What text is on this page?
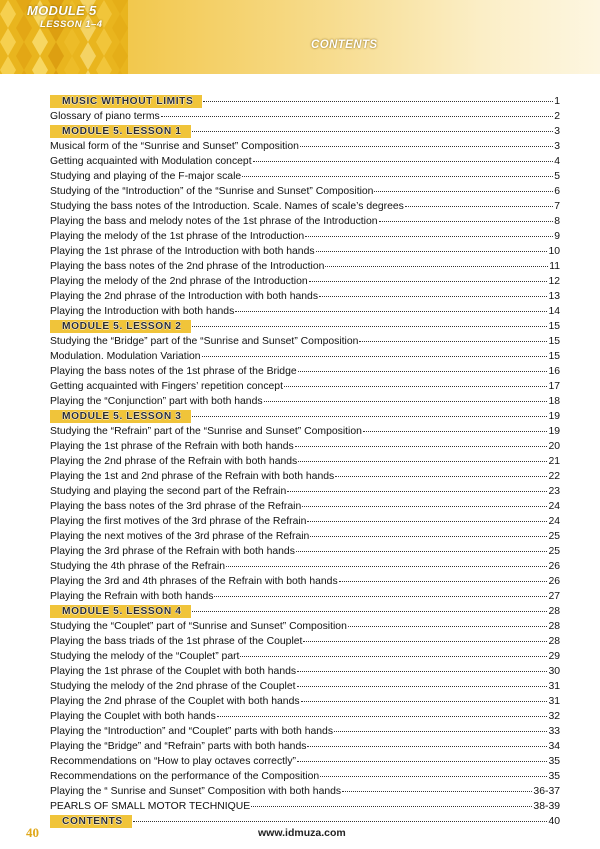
MODULE 5
LESSON 1–4
CONTENTS
MUSIC WITHOUT LIMITS	1
Glossary of piano terms	2
MODULE 5. LESSON 1	3
Musical form of the “Sunrise and Sunset” Composition	3
Getting acquainted with Modulation concept	4
Studying and playing of the F-major scale	5
Studying of the “Introduction” of the “Sunrise and Sunset” Composition	6
Studying the bass notes of the Introduction. Scale. Names of scale’s degrees	7
Playing the bass and melody notes of the 1st phrase of the Introduction	8
Playing the melody of the 1st phrase of the Introduction	9
Playing the 1st phrase of the Introduction with both hands	10
Playing the bass notes of the 2nd phrase of the Introduction	11
Playing the melody of the 2nd phrase of the Introduction	12
Playing the 2nd phrase of the Introduction with both hands	13
Playing the Introduction with both hands	14
MODULE 5. LESSON 2	15
Studying the “Bridge” part of the “Sunrise and Sunset” Composition	15
Modulation. Modulation Variation	15
Playing the bass notes of the 1st phrase of the Bridge	16
Getting acquainted with Fingers’ repetition concept	17
Playing the “Conjunction” part with both hands	18
MODULE 5. LESSON 3	19
Studying the “Refrain” part of the “Sunrise and Sunset” Composition	19
Playing the 1st phrase of the Refrain with both hands	20
Playing the 2nd phrase of the Refrain with both hands	21
Playing the 1st and 2nd phrase of the Refrain with both hands	22
Studying and playing the second part of the Refrain	23
Playing the bass notes of the 3rd phrase of the Refrain	24
Playing the first motives of the 3rd phrase of the Refrain	24
Playing the next motives of the 3rd phrase of the Refrain	25
Playing the 3rd phrase of the Refrain with both hands	25
Studying the 4th phrase of the Refrain	26
Playing the 3rd and 4th phrases of the Refrain with both hands	26
Playing the Refrain with both hands	27
MODULE 5. LESSON 4	28
Studying the “Couplet” part of “Sunrise and Sunset” Composition	28
Playing the bass triads of the 1st phrase of the Couplet	28
Studying the melody of the “Couplet” part	29
Playing the 1st phrase of the Couplet with both hands	30
Studying the melody of the 2nd phrase of the Couplet	31
Playing the 2nd phrase of the Couplet with both hands	31
Playing the Couplet with both hands	32
Playing the “Introduction” and “Couplet” parts with both hands	33
Playing the “Bridge” and “Refrain” parts with both hands	34
Recommendations on “How to play octaves correctly”	35
Recommendations on the performance of the Composition	35
Playing the “ Sunrise and Sunset” Composition with both hands	36-37
PEARLS OF SMALL MOTOR TECHNIQUE	38-39
CONTENTS	40
40	www.idmuza.com
